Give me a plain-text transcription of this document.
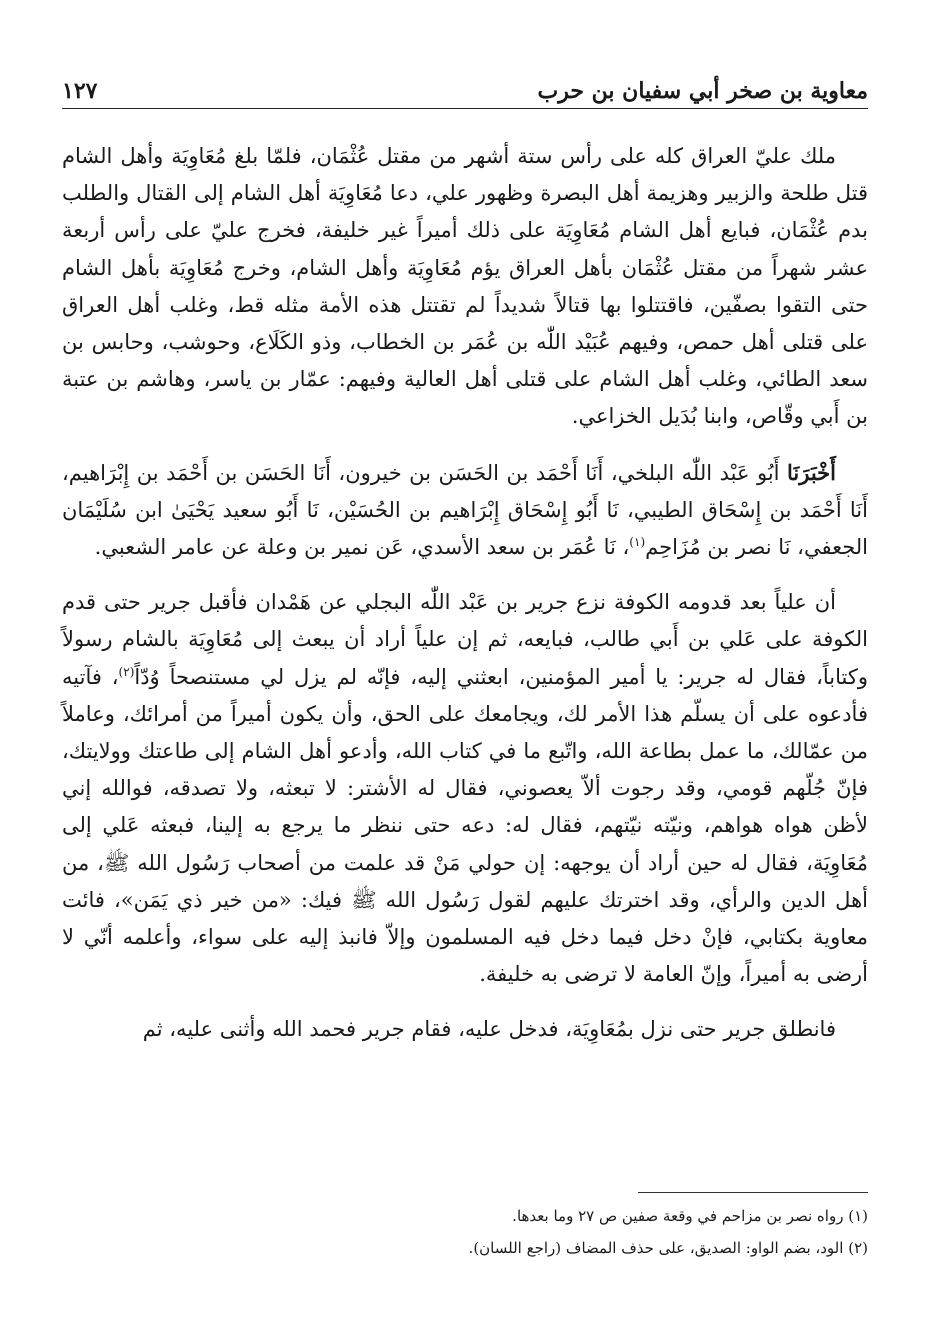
معاوية بن صخر أبي سفيان بن حرب
١٢٧

ملك عليّ العراق كله على رأس ستة أشهر من مقتل عُثْمَان، فلمّا بلغ مُعَاوِيَة وأهل الشام قتل طلحة والزبير وهزيمة أهل البصرة وظهور علي، دعا مُعَاوِيَة أهل الشام إلى القتال والطلب بدم عُثْمَان، فبايع أهل الشام مُعَاوِيَة على ذلك أميراً غير خليفة، فخرج عليّ على رأس أربعة عشر شهراً من مقتل عُثْمَان بأهل العراق يؤم مُعَاوِيَة وأهل الشام، وخرج مُعَاوِيَة بأهل الشام حتى التقوا بصفّين، فاقتتلوا بها قتالاً شديداً لم تقتتل هذه الأمة مثله قط، وغلب أهل العراق على قتلى أهل حمص، وفيهم عُبَيْد اللّٰه بن عُمَر بن الخطاب، وذو الكَلَاع، وحوشب، وحابس بن سعد الطائي، وغلب أهل الشام على قتلى أهل العالية وفيهم: عمّار بن ياسر، وهاشم بن عتبة بن أَبي وقّاص، وابنا بُدَيل الخزاعي.

أَخْبَرَنَا أَبُو عَبْد اللّٰه البلخي، أَنَا أَحْمَد بن الحَسَن بن خيرون، أَنَا الحَسَن بن أَحْمَد بن إِبْرَاهيم، أَنَا أَحْمَد بن إِسْحَاق الطيبي، نَا أَبُو إِسْحَاق إِبْرَاهيم بن الحُسَيْن، نَا أَبُو سعيد يَحْيَىٰ ابن سُلَيْمَان الجعفي، نَا نصر بن مُزَاحِم$^{(١)}$، نَا عُمَر بن سعد الأسدي، عَن نمير بن وعلة عن عامر الشعبي.

أن علياً بعد قدومه الكوفة نزع جرير بن عَبْد اللّٰه البجلي عن هَمْدان فأقبل جرير حتى قدم الكوفة على عَلي بن أَبي طالب، فبايعه، ثم إن علياً أراد أن يبعث إلى مُعَاوِيَة بالشام رسولاً وكتاباً، فقال له جرير: يا أمير المؤمنين، ابعثني إليه، فإنّه لم يزل لي مستنصحاً وُدّاً$^{(٢)}$، فآتيه فأدعوه على أن يسلّم هذا الأمر لك، ويجامعك على الحق، وأن يكون أميراً من أمرائك، وعاملاً من عمّالك، ما عمل بطاعة الله، واتّبع ما في كتاب الله، وأدعو أهل الشام إلى طاعتك وولايتك، فإنّ جُلّهم قومي، وقد رجوت ألاّ يعصوني، فقال له الأشتر: لا تبعثه، ولا تصدقه، فوالله إني لأظن هواه هواهم، ونيّته نيّتهم، فقال له: دعه حتى ننظر ما يرجع به إلينا، فبعثه عَلي إلى مُعَاوِيَة، فقال له حين أراد أن يوجهه: إن حولي مَنْ قد علمت من أصحاب رَسُول الله ﷺ، من أهل الدين والرأي، وقد اخترتك عليهم لقول رَسُول الله ﷺ فيك: «من خير ذي يَمَن»، فائت معاوية بكتابي، فإنْ دخل فيما دخل فيه المسلمون وإلاّ فانبذ إليه على سواء، وأعلمه أنّي لا أرضى به أميراً، وإنّ العامة لا ترضى به خليفة.

فانطلق جرير حتى نزل بمُعَاوِيَة، فدخل عليه، فقام جرير فحمد الله وأثنى عليه، ثم

(١) رواه نصر بن مزاحم في وقعة صفين ص ٢٧ وما بعدها.

(٢) الود، بضم الواو: الصديق، على حذف المضاف (راجع اللسان).
